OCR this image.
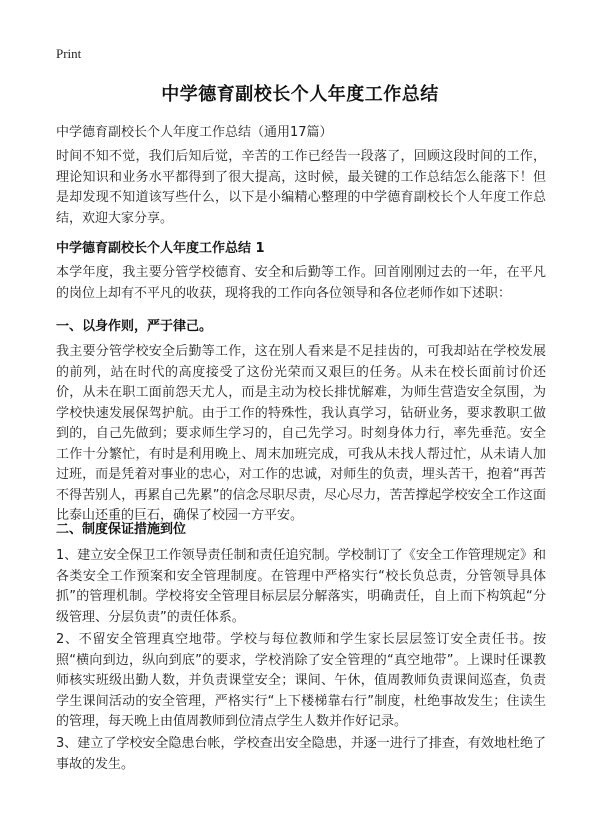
Print
中学德育副校长个人年度工作总结
中学德育副校长个人年度工作总结（通用17篇）

时间不知不觉，我们后知后觉，辛苦的工作已经告一段落了，回顾这段时间的工作，理论知识和业务水平都得到了很大提高，这时候，最关键的工作总结怎么能落下！但是却发现不知道该写些什么，以下是小编精心整理的中学德育副校长个人年度工作总结，欢迎大家分享。

中学德育副校长个人年度工作总结 1

本学年度，我主要分管学校德育、安全和后勤等工作。回首刚刚过去的一年，在平凡的岗位上却有不平凡的收获，现将我的工作向各位领导和各位老师作如下述职：

一、以身作则，严于律己。

我主要分管学校安全后勤等工作，这在别人看来是不足挂齿的，可我却站在学校发展的前列，站在时代的高度接受了这份光荣而又艰巨的任务。从未在校长面前讨价还价，从未在职工面前怨天尤人，而是主动为校长排忧解难，为师生营造安全氛围，为学校快速发展保驾护航。由于工作的特殊性，我认真学习，钻研业务，要求教职工做到的，自己先做到；要求师生学习的，自己先学习。时刻身体力行，率先垂范。安全工作十分繁忙，有时是利用晚上、周末加班完成，可我从未找人帮过忙，从未请人加过班，而是凭着对事业的忠心，对工作的忠诚，对师生的负责，埋头苦干，抱着“再苦不得苦别人，再累自己先累”的信念尽职尽责，尽心尽力，苦苦撑起学校安全工作这面比泰山还重的巨石，确保了校园一方平安。

二、制度保证措施到位

1、建立安全保卫工作领导责任制和责任追究制。学校制订了《安全工作管理规定》和各类安全工作预案和安全管理制度。在管理中严格实行“校长负总责，分管领导具体抓”的管理机制。学校将安全管理目标层层分解落实，明确责任，自上而下构筑起“分级管理、分层负责”的责任体系。

2、不留安全管理真空地带。学校与每位教师和学生家长层层签订安全责任书。按照“横向到边，纵向到底”的要求，学校消除了安全管理的“真空地带”。上课时任课教师核实班级出勤人数，并负责课堂安全；课间、午休，值周教师负责课间巡查，负责学生课间活动的安全管理，严格实行“上下楼梯靠右行”制度，杜绝事故发生；住读生的管理，每天晚上由值周教师到位清点学生人数并作好记录。

3、建立了学校安全隐患台帐，学校查出安全隐患，并逐一进行了排查，有效地杜绝了事故的发生。
